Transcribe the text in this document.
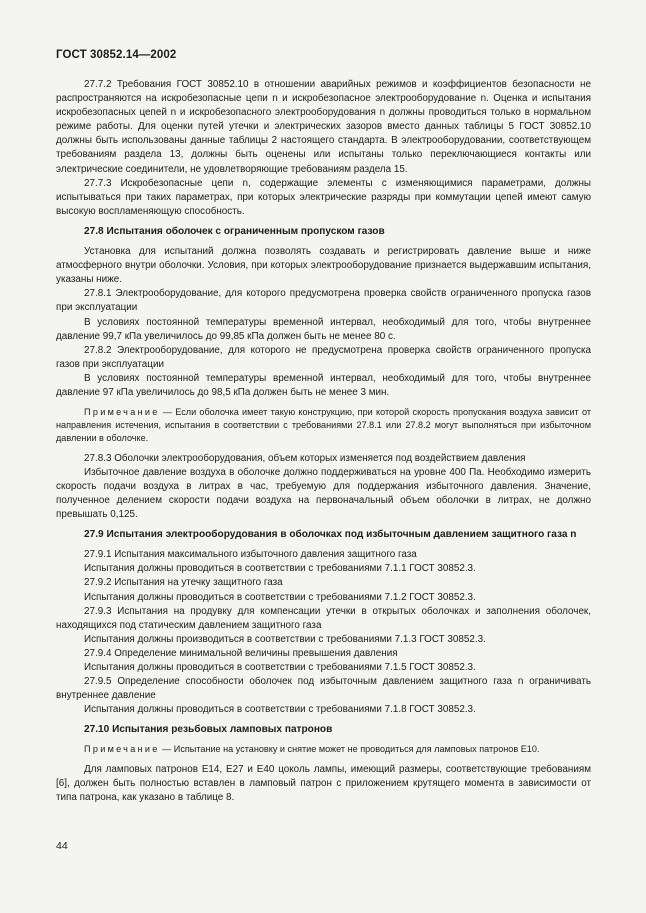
ГОСТ 30852.14—2002

27.7.2 Требования ГОСТ 30852.10 в отношении аварийных режимов и коэффициентов безопасности не распространяются на искробезопасные цепи n и искробезопасное электрооборудование n. Оценка и испытания искробезопасных цепей n и искробезопасного электрооборудования n должны проводиться только в нормальном режиме работы. Для оценки путей утечки и электрических зазоров вместо данных таблицы 5 ГОСТ 30852.10 должны быть использованы данные таблицы 2 настоящего стандарта. В электрооборудовании, соответствующем требованиям раздела 13, должны быть оценены или испытаны только переключающиеся контакты или электрические соединители, не удовлетворяющие требованиям раздела 15.

27.7.3 Искробезопасные цепи n, содержащие элементы с изменяющимися параметрами, должны испытываться при таких параметрах, при которых электрические разряды при коммутации цепей имеют самую высокую воспламеняющую способность.

27.8 Испытания оболочек с ограниченным пропуском газов

Установка для испытаний должна позволять создавать и регистрировать давление выше и ниже атмосферного внутри оболочки. Условия, при которых электрооборудование признается выдержавшим испытания, указаны ниже.

27.8.1 Электрооборудование, для которого предусмотрена проверка свойств ограниченного пропуска газов при эксплуатации

В условиях постоянной температуры временной интервал, необходимый для того, чтобы внутреннее давление 99,7 кПа увеличилось до 99,85 кПа должен быть не менее 80 с.

27.8.2 Электрооборудование, для которого не предусмотрена проверка свойств ограниченного пропуска газов при эксплуатации

В условиях постоянной температуры временной интервал, необходимый для того, чтобы внутреннее давление 97 кПа увеличилось до 98,5 кПа должен быть не менее 3 мин.

Примечание — Если оболочка имеет такую конструкцию, при которой скорость пропускания воздуха зависит от направления истечения, испытания в соответствии с требованиями 27.8.1 или 27.8.2 могут выполняться при избыточном давлении в оболочке.

27.8.3 Оболочки электрооборудования, объем которых изменяется под воздействием давления

Избыточное давление воздуха в оболочке должно поддерживаться на уровне 400 Па. Необходимо измерить скорость подачи воздуха в литрах в час, требуемую для поддержания избыточного давления. Значение, полученное делением скорости подачи воздуха на первоначальный объем оболочки в литрах, не должно превышать 0,125.

27.9 Испытания электрооборудования в оболочках под избыточным давлением защитного газа n

27.9.1 Испытания максимального избыточного давления защитного газа

Испытания должны проводиться в соответствии с требованиями 7.1.1 ГОСТ 30852.3.

27.9.2 Испытания на утечку защитного газа

Испытания должны проводиться в соответствии с требованиями 7.1.2 ГОСТ 30852.3.

27.9.3 Испытания на продувку для компенсации утечки в открытых оболочках и заполнения оболочек, находящихся под статическим давлением защитного газа

Испытания должны производиться в соответствии с требованиями 7.1.3 ГОСТ 30852.3.

27.9.4 Определение минимальной величины превышения давления

Испытания должны проводиться в соответствии с требованиями 7.1.5 ГОСТ 30852.3.

27.9.5 Определение способности оболочек под избыточным давлением защитного газа n ограничивать внутреннее давление

Испытания должны проводиться в соответствии с требованиями 7.1.8 ГОСТ 30852.3.

27.10 Испытания резьбовых ламповых патронов

Примечание — Испытание на установку и снятие может не проводиться для ламповых патронов Е10.

Для ламповых патронов Е14, Е27 и Е40 цоколь лампы, имеющий размеры, соответствующие требованиям [6], должен быть полностью вставлен в ламповый патрон с приложением крутящего момента в зависимости от типа патрона, как указано в таблице 8.

44
